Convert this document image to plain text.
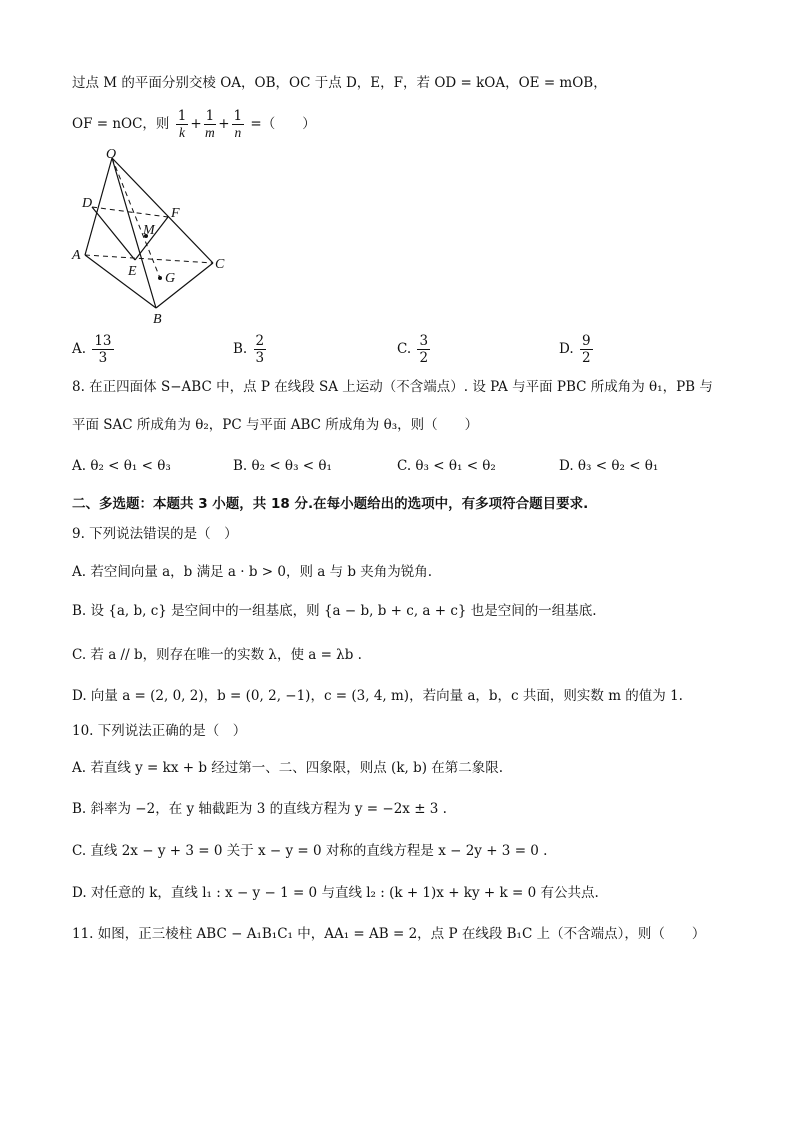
过点 M 的平面分别交棱 OA，OB，OC 于点 D，E，F，若 OD = kOA，OE = mOB，
OF = nOC，则 $\frac{1}{k} + \frac{1}{m} + \frac{1}{n}$ =（　　）
O
D
F
M
A
E G
C
B
A. $\frac{13}{3}$	B. $\frac{2}{3}$	C. $\frac{3}{2}$	D. $\frac{9}{2}$
8. 在正四面体 S−ABC 中，点 P 在线段 SA 上运动（不含端点）. 设 PA 与平面 PBC 所成角为 θ₁，PB 与
平面 SAC 所成角为 θ₂，PC 与平面 ABC 所成角为 θ₃，则（　　）
A. θ₂ < θ₁ < θ₃	B. θ₂ < θ₃ < θ₁	C. θ₃ < θ₁ < θ₂	D. θ₃ < θ₂ < θ₁
二、多选题：本题共 3 小题，共 18 分.在每小题给出的选项中，有多项符合题目要求.
9. 下列说法错误的是（　）
A. 若空间向量 a，b 满足 a · b > 0，则 a 与 b 夹角为锐角.
B. 设 {a, b, c} 是空间中的一组基底，则 {a − b, b + c, a + c} 也是空间的一组基底.
C. 若 a // b，则存在唯一的实数 λ，使 a = λb .
D. 向量 a = (2, 0, 2)，b = (0, 2, −1)，c = (3, 4, m)，若向量 a，b，c 共面，则实数 m 的值为 1.
10. 下列说法正确的是（　）
A. 若直线 y = kx + b 经过第一、二、四象限，则点 (k, b) 在第二象限.
B. 斜率为 −2，在 y 轴截距为 3 的直线方程为 y = −2x ± 3 .
C. 直线 2x − y + 3 = 0 关于 x − y = 0 对称的直线方程是 x − 2y + 3 = 0 .
D. 对任意的 k，直线 l₁ : x − y − 1 = 0 与直线 l₂ : (k + 1)x + ky + k = 0 有公共点.
11. 如图，正三棱柱 ABC − A₁B₁C₁ 中，AA₁ = AB = 2，点 P 在线段 B₁C 上（不含端点），则（　　）
